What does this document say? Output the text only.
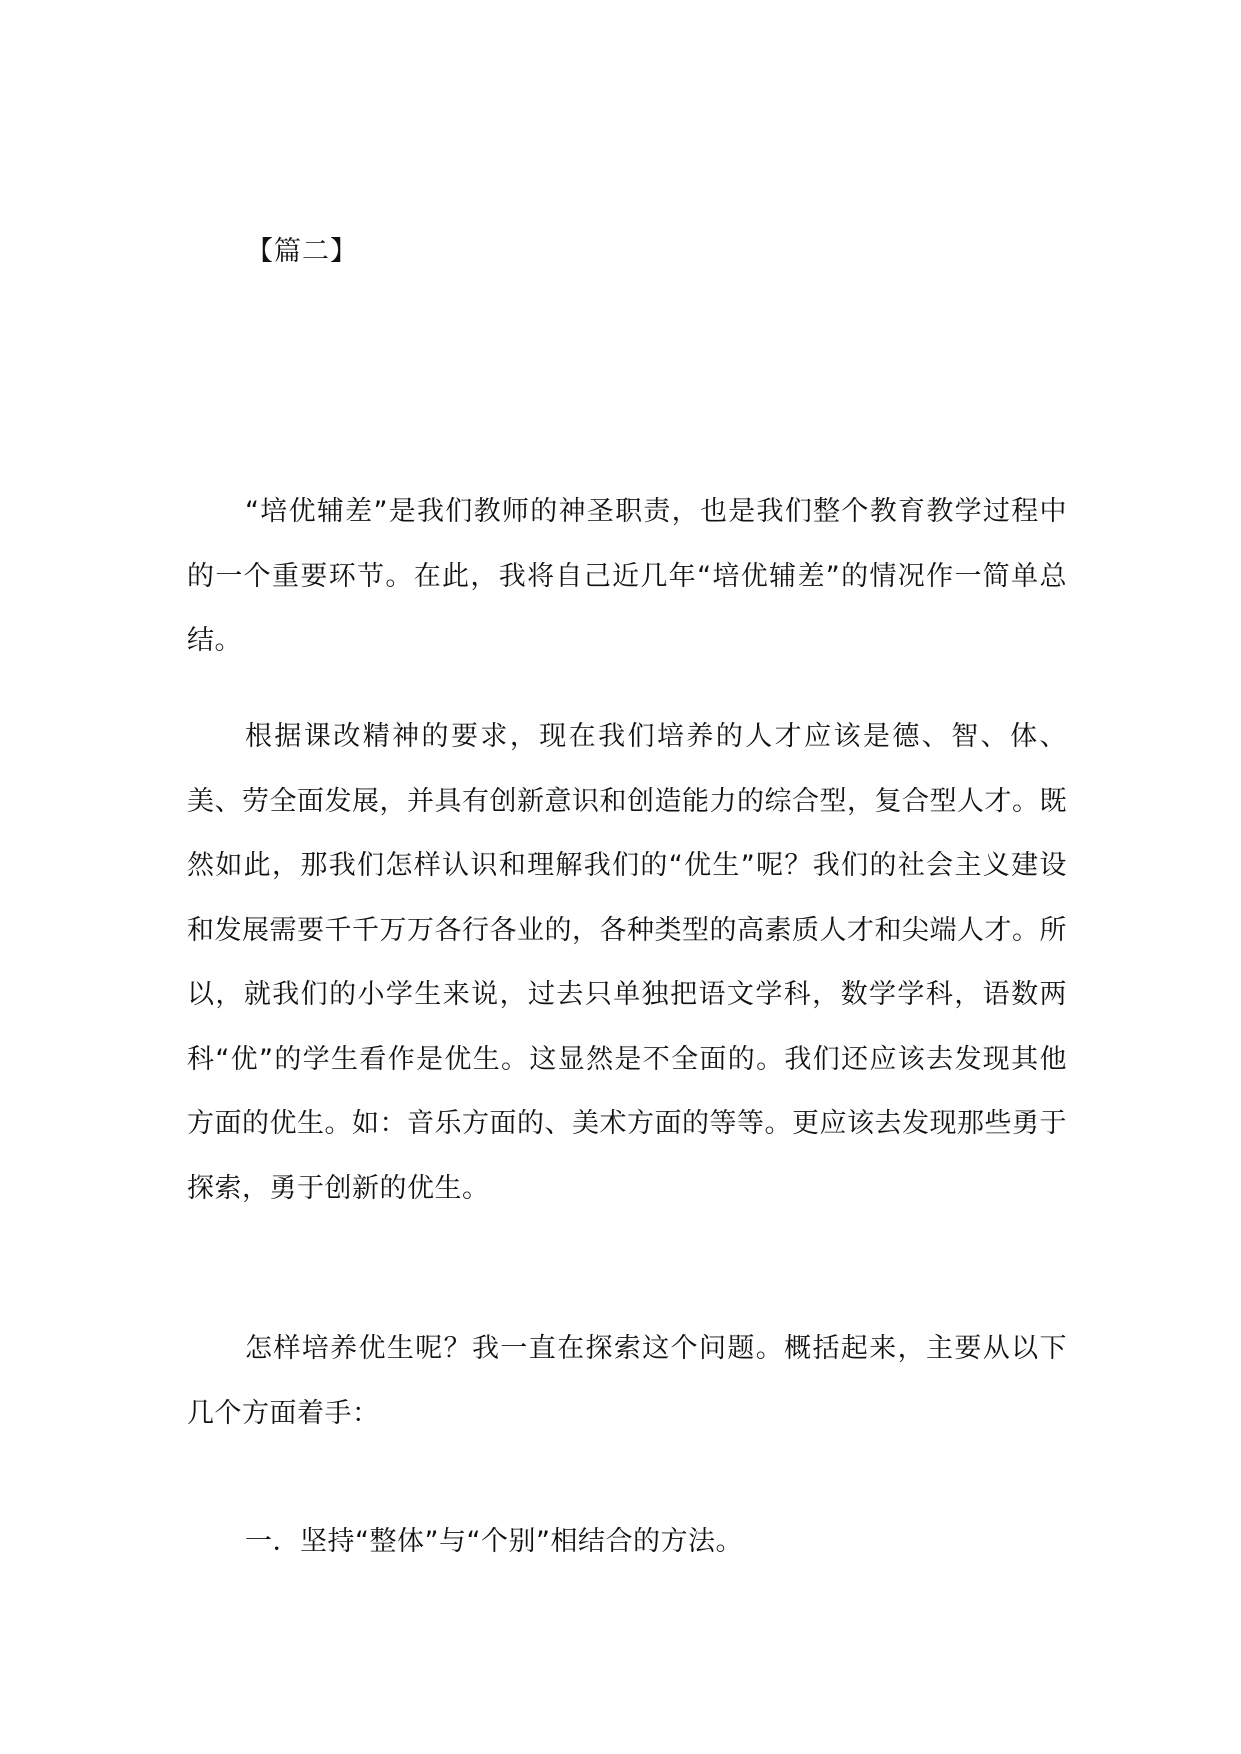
【篇二】

“培优辅差”是我们教师的神圣职责，也是我们整个教育教学过程中的一个重要环节。在此，我将自己近几年“培优辅差”的情况作一简单总结。

根据课改精神的要求，现在我们培养的人才应该是德、智、体、美、劳全面发展，并具有创新意识和创造能力的综合型，复合型人才。既然如此，那我们怎样认识和理解我们的“优生”呢？我们的社会主义建设和发展需要千千万万各行各业的，各种类型的高素质人才和尖端人才。所以，就我们的小学生来说，过去只单独把语文学科，数学学科，语数两科“优”的学生看作是优生。这显然是不全面的。我们还应该去发现其他方面的优生。如：音乐方面的、美术方面的等等。更应该去发现那些勇于探索，勇于创新的优生。

怎样培养优生呢？我一直在探索这个问题。概括起来，主要从以下几个方面着手：

一．坚持“整体”与“个别”相结合的方法。
